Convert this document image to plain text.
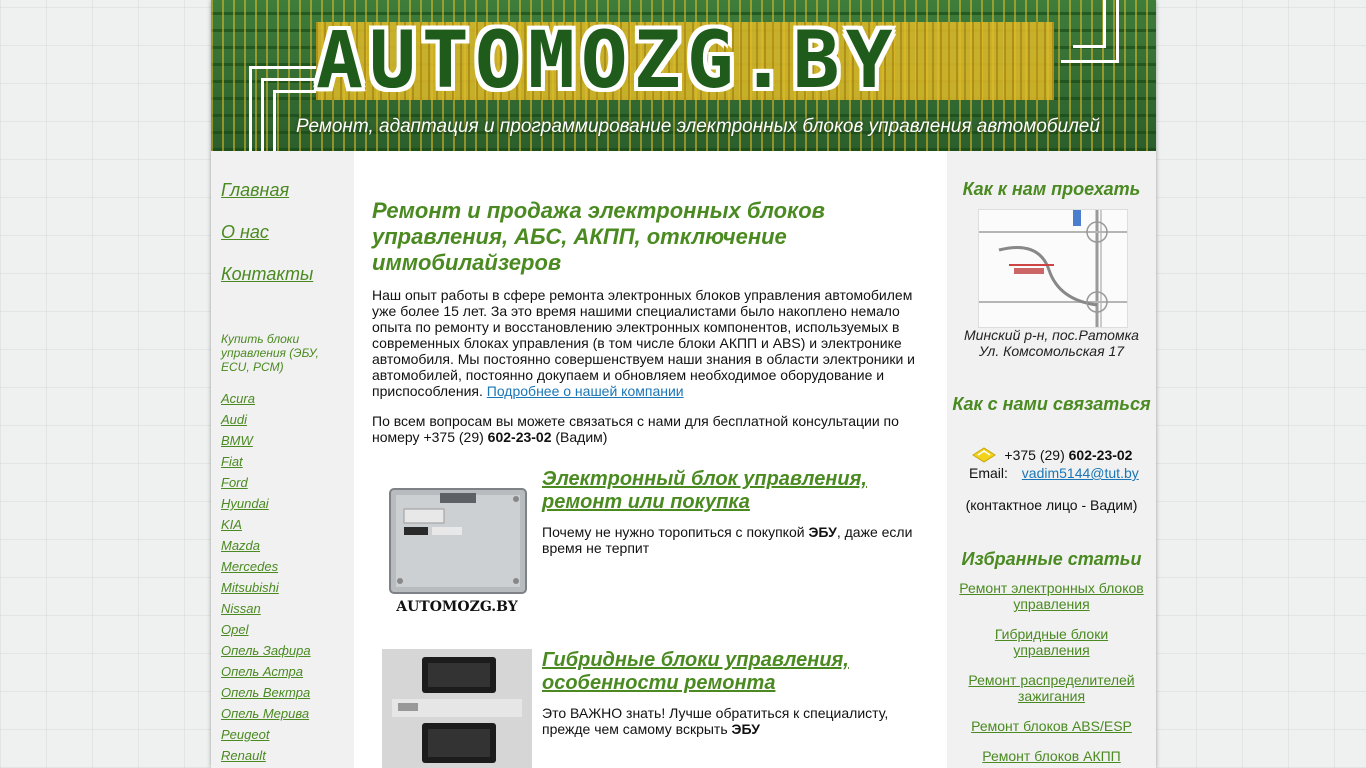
AUTOMOZG.BY
Ремонт, адаптация и программирование электронных блоков управления автомобилей
Главная
О нас
Контакты
Купить блоки управления (ЭБУ, ECU, PCM)
Acura
Audi
BMW
Fiat
Ford
Hyundai
KIA
Mazda
Mercedes
Mitsubishi
Nissan
Opel
Опель Зафира
Опель Астра
Опель Вектра
Опель Мерива
Peugeot
Renault
Ремонт и продажа электронных блоков управления, АБС, АКПП, отключение иммобилайзеров

Наш опыт работы в сфере ремонта электронных блоков управления автомобилем уже более 15 лет. За это время нашими специалистами было накоплено немало опыта по ремонту и восстановлению электронных компонентов, используемых в современных блоках управления (в том числе блоки АКПП и ABS) и электронике автомобиля. Мы постоянно совершенствуем наши знания в области электроники и автомобилей, постоянно докупаем и обновляем необходимое оборудование и приспособления. Подробнее о нашей компании

По всем вопросам вы можете связаться с нами для бесплатной консультации по номеру +375 (29) 602-23-02 (Вадим)

AUTOMOZG.BY
Электронный блок управления, ремонт или покупка
Почему не нужно торопиться с покупкой ЭБУ, даже если время не терпит
Гибридные блоки управления, особенности ремонта
Это ВАЖНО знать! Лучше обратиться к специалисту, прежде чем самому вскрыть ЭБУ
Как к нам проехать
Минский р-н, пос.Ратомка
Ул. Комсомольская 17
Как с нами связаться
+375 (29) 602-23-02
Email: vadim5144@tut.by
(контактное лицо - Вадим)
Избранные статьи
Ремонт электронных блоков управления
Гибридные блоки управления
Ремонт распределителей зажигания
Ремонт блоков ABS/ESP
Ремонт блоков АКПП
